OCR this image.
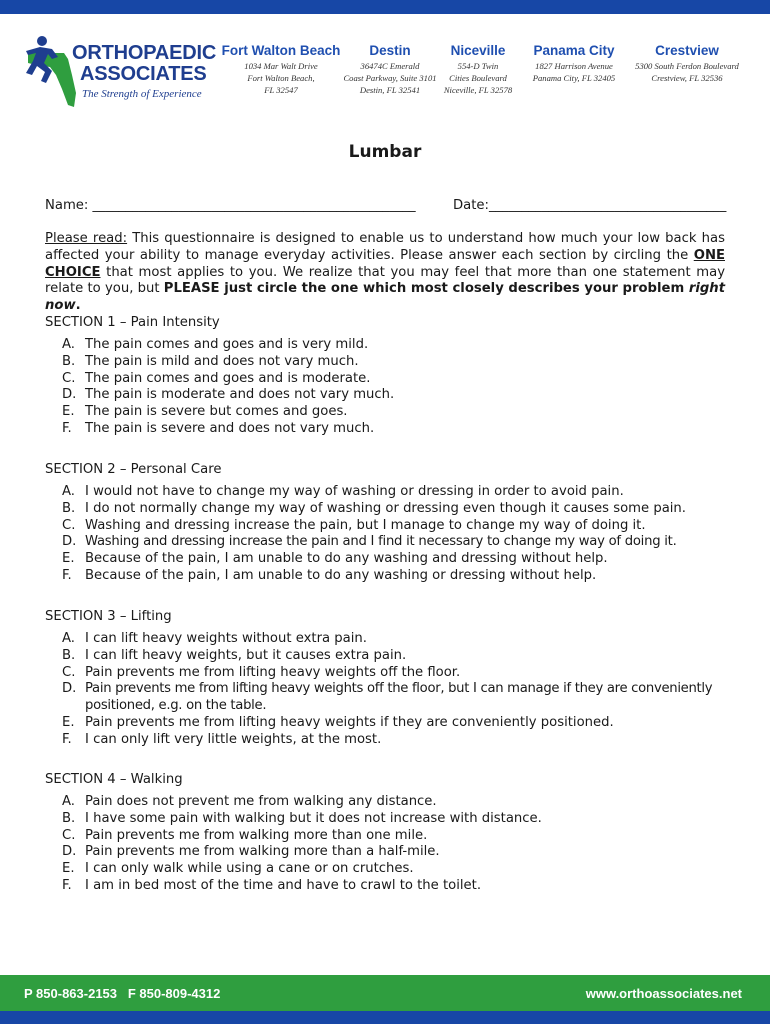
ORTHOPAEDIC
ASSOCIATES
The Strength of Experience
Fort Walton Beach
1034 Mar Walt Drive
Fort Walton Beach,
FL 32547
Destin
36474C Emerald
Coast Parkway, Suite 3101
Destin, FL 32541
Niceville
554-D Twin
Cities Boulevard
Niceville, FL 32578
Panama City
1827 Harrison Avenue
Panama City, FL 32405
Crestview
5300 South Ferdon Boulevard
Crestview, FL 32536
Lumbar
Name: _________________________________________________	Date:____________________________________
Please read: This questionnaire is designed to enable us to understand how much your low back has affected your ability to manage everyday activities. Please answer each section by circling the ONE CHOICE that most applies to you. We realize that you may feel that more than one statement may relate to you, but PLEASE just circle the one which most closely describes your problem right now.
SECTION 1 – Pain Intensity
A. The pain comes and goes and is very mild.
B. The pain is mild and does not vary much.
C. The pain comes and goes and is moderate.
D. The pain is moderate and does not vary much.
E. The pain is severe but comes and goes.
F. The pain is severe and does not vary much.
SECTION 2 – Personal Care
A. I would not have to change my way of washing or dressing in order to avoid pain.
B. I do not normally change my way of washing or dressing even though it causes some pain.
C. Washing and dressing increase the pain, but I manage to change my way of doing it.
D. Washing and dressing increase the pain and I find it necessary to change my way of doing it.
E. Because of the pain, I am unable to do any washing and dressing without help.
F. Because of the pain, I am unable to do any washing or dressing without help.
SECTION 3 – Lifting
A. I can lift heavy weights without extra pain.
B. I can lift heavy weights, but it causes extra pain.
C. Pain prevents me from lifting heavy weights off the floor.
D. Pain prevents me from lifting heavy weights off the floor, but I can manage if they are conveniently positioned, e.g. on the table.
E. Pain prevents me from lifting heavy weights if they are conveniently positioned.
F. I can only lift very little weights, at the most.
SECTION 4 – Walking
A. Pain does not prevent me from walking any distance.
B. I have some pain with walking but it does not increase with distance.
C. Pain prevents me from walking more than one mile.
D. Pain prevents me from walking more than a half-mile.
E. I can only walk while using a cane or on crutches.
F. I am in bed most of the time and have to crawl to the toilet.
P 850-863-2153   F 850-809-4312	www.orthoassociates.net
